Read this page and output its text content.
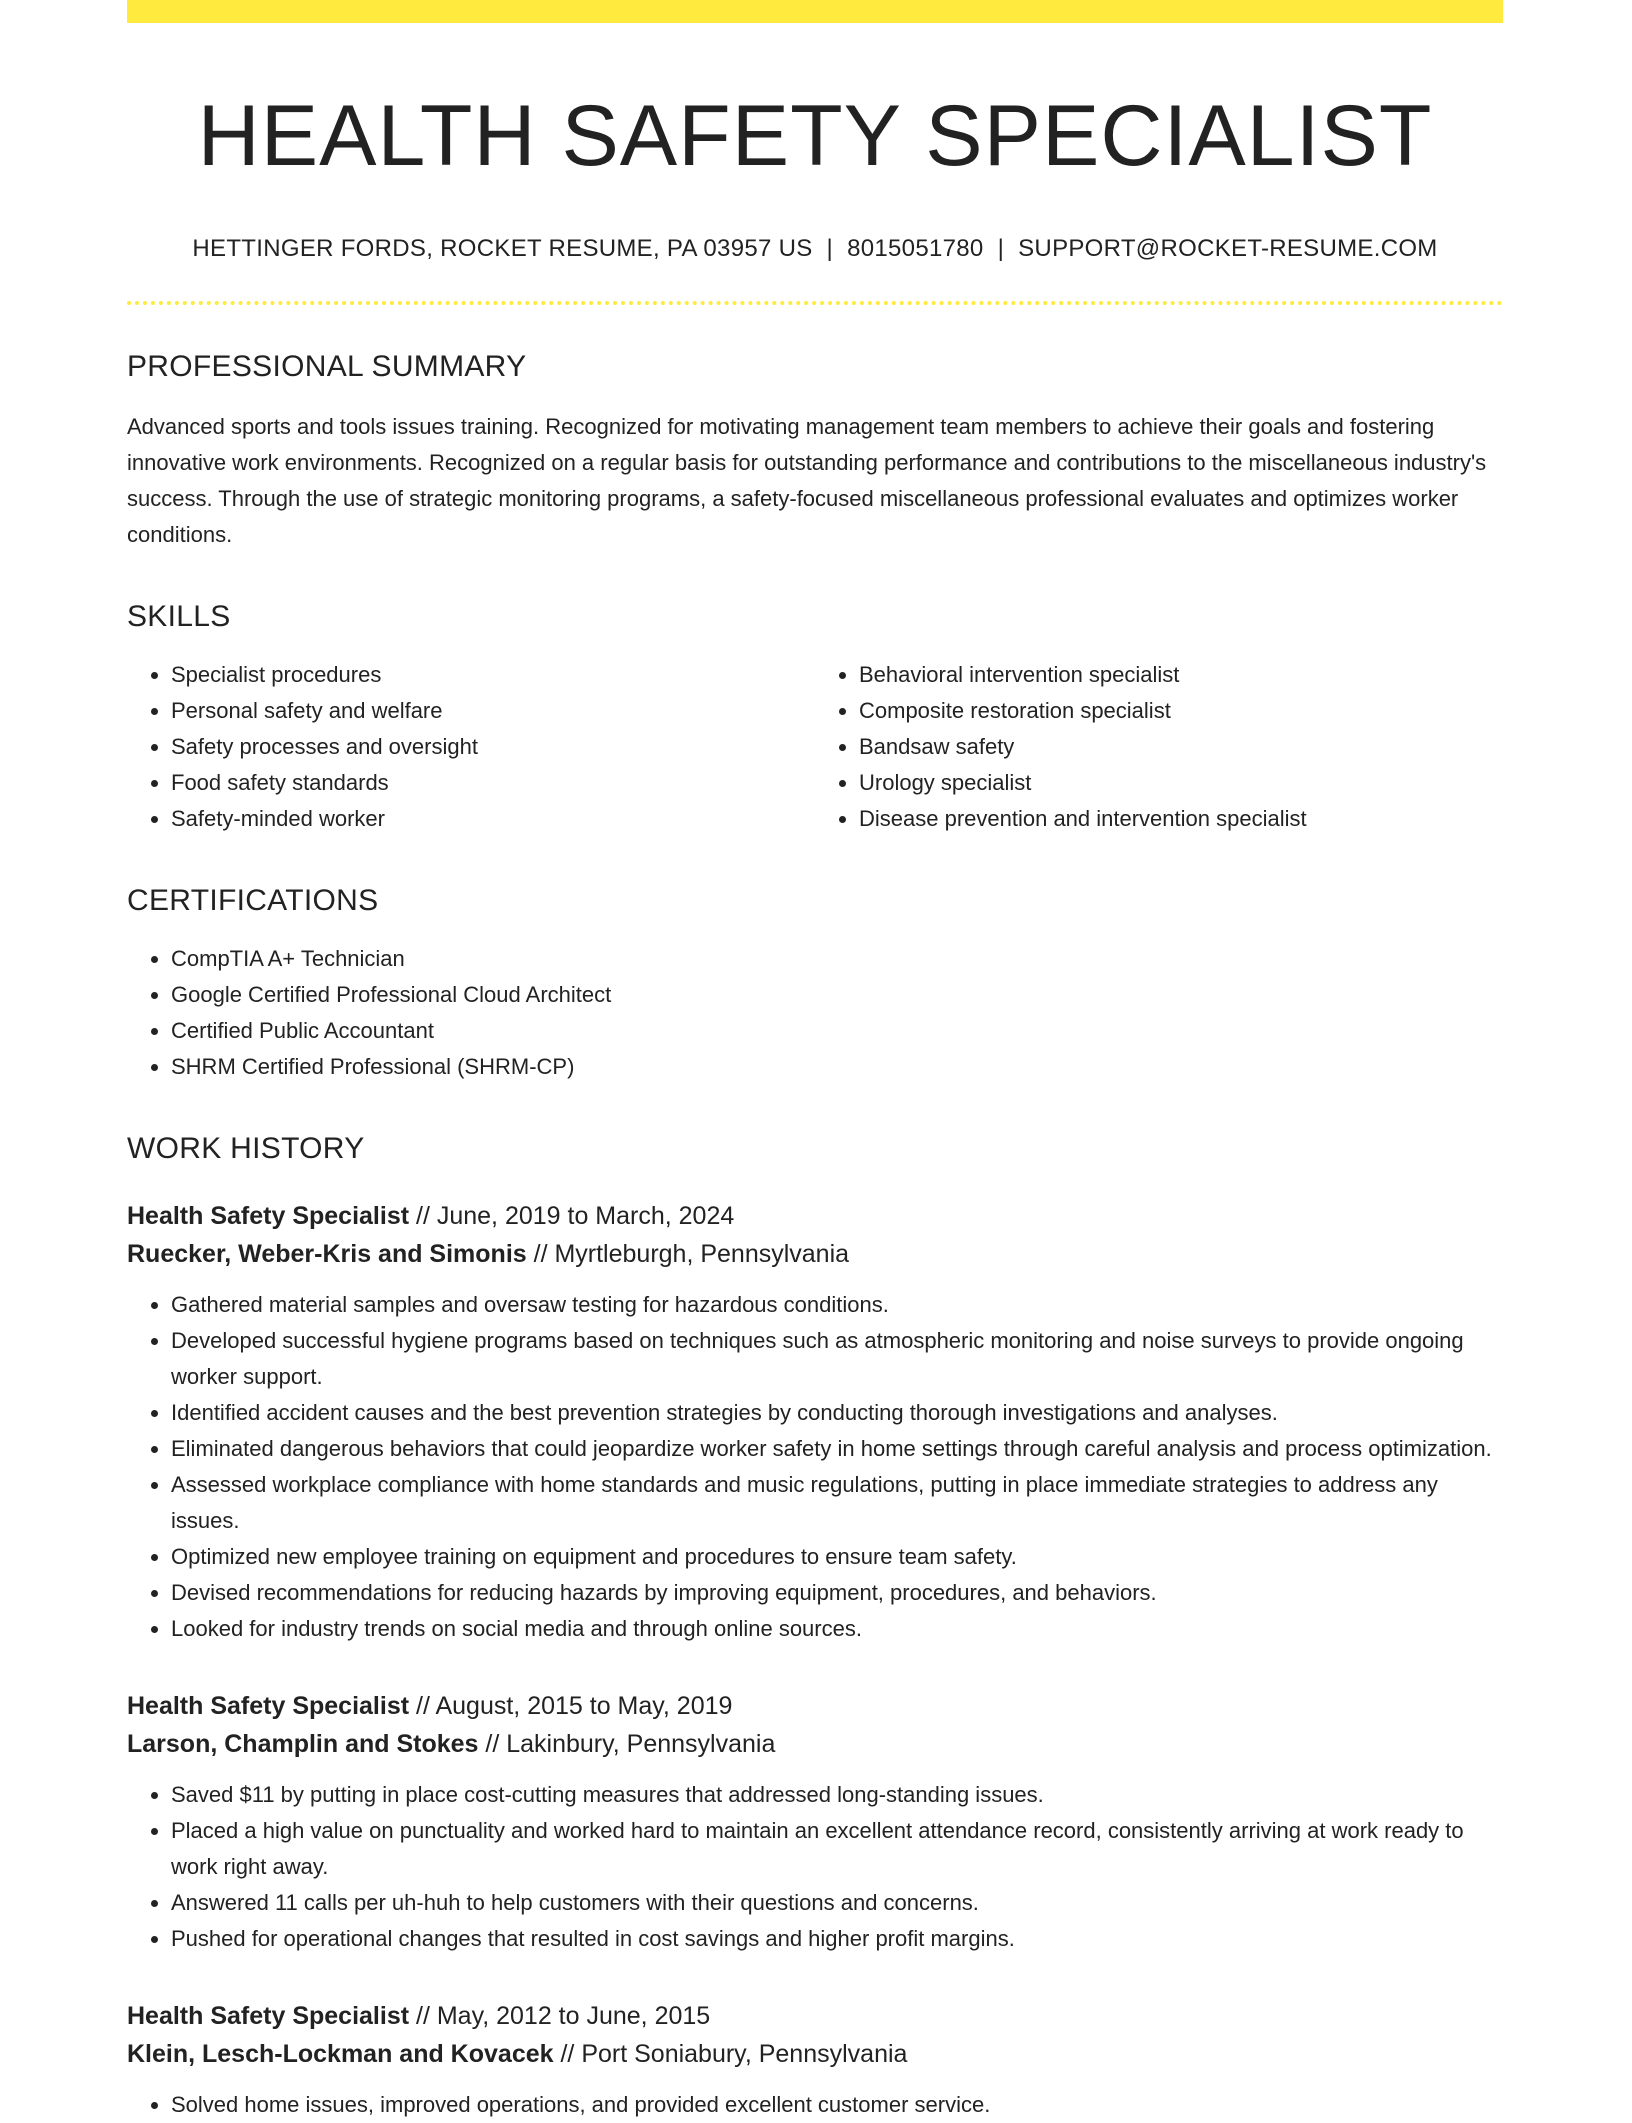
HEALTH SAFETY SPECIALIST
HETTINGER FORDS, ROCKET RESUME, PA 03957 US | 8015051780 | SUPPORT@ROCKET-RESUME.COM
PROFESSIONAL SUMMARY

Advanced sports and tools issues training. Recognized for motivating management team members to achieve their goals and fostering innovative work environments. Recognized on a regular basis for outstanding performance and contributions to the miscellaneous industry's success. Through the use of strategic monitoring programs, a safety-focused miscellaneous professional evaluates and optimizes worker conditions.

SKILLS
• Specialist procedures
• Personal safety and welfare
• Safety processes and oversight
• Food safety standards
• Safety-minded worker
• Behavioral intervention specialist
• Composite restoration specialist
• Bandsaw safety
• Urology specialist
• Disease prevention and intervention specialist
CERTIFICATIONS
• CompTIA A+ Technician
• Google Certified Professional Cloud Architect
• Certified Public Accountant
• SHRM Certified Professional (SHRM-CP)
WORK HISTORY
Health Safety Specialist // June, 2019 to March, 2024
Ruecker, Weber-Kris and Simonis // Myrtleburgh, Pennsylvania
• Gathered material samples and oversaw testing for hazardous conditions.
• Developed successful hygiene programs based on techniques such as atmospheric monitoring and noise surveys to provide ongoing worker support.
• Identified accident causes and the best prevention strategies by conducting thorough investigations and analyses.
• Eliminated dangerous behaviors that could jeopardize worker safety in home settings through careful analysis and process optimization.
• Assessed workplace compliance with home standards and music regulations, putting in place immediate strategies to address any issues.
• Optimized new employee training on equipment and procedures to ensure team safety.
• Devised recommendations for reducing hazards by improving equipment, procedures, and behaviors.
• Looked for industry trends on social media and through online sources.
Health Safety Specialist // August, 2015 to May, 2019
Larson, Champlin and Stokes // Lakinbury, Pennsylvania
• Saved $11 by putting in place cost-cutting measures that addressed long-standing issues.
• Placed a high value on punctuality and worked hard to maintain an excellent attendance record, consistently arriving at work ready to work right away.
• Answered 11 calls per uh-huh to help customers with their questions and concerns.
• Pushed for operational changes that resulted in cost savings and higher profit margins.
Health Safety Specialist // May, 2012 to June, 2015
Klein, Lesch-Lockman and Kovacek // Port Soniabury, Pennsylvania
• Solved home issues, improved operations, and provided excellent customer service.
